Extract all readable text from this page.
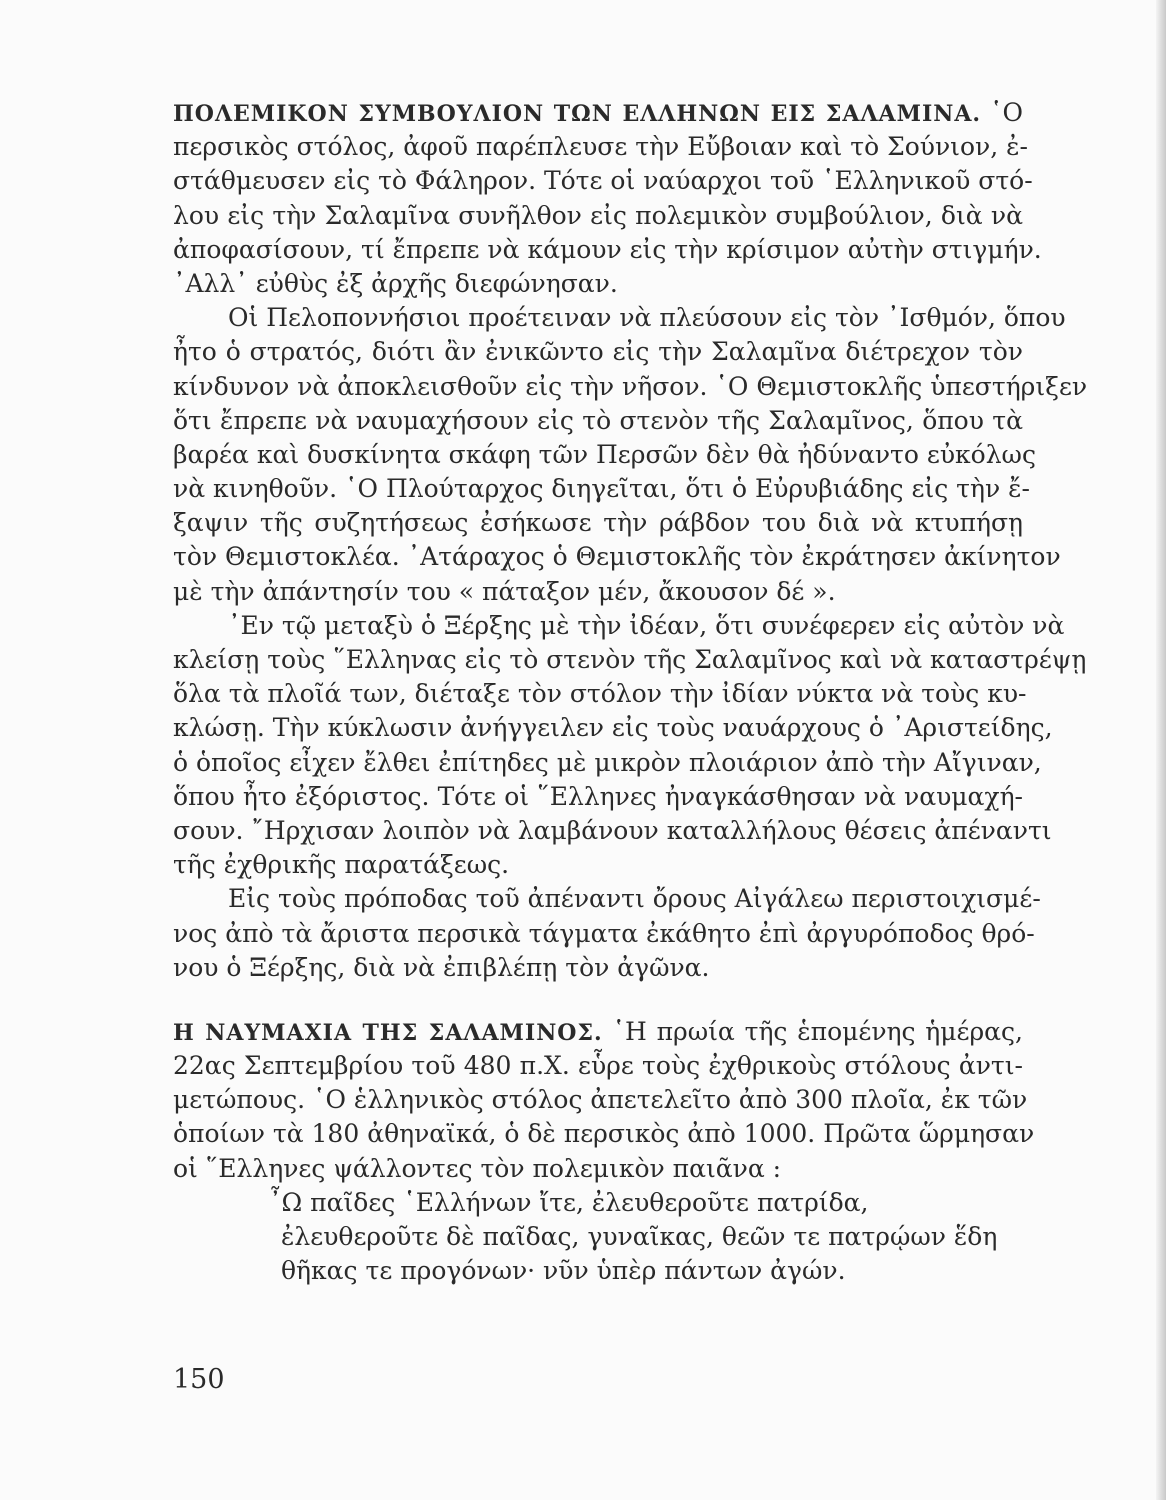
ΠΟΛΕΜΙΚΟΝ ΣΥΜΒΟΥΛΙΟΝ ΤΩΝ ΕΛΛΗΝΩΝ ΕΙΣ ΣΑΛΑΜΙΝΑ. ῾Ο
περσικὸς στόλος, ἀφοῦ παρέπλευσε τὴν Εὔβοιαν καὶ τὸ Σούνιον, ἐ-
στάθμευσεν εἰς τὸ Φάληρον. Τότε οἱ ναύαρχοι τοῦ ῾Ελληνικοῦ στό-
λου εἰς τὴν Σαλαμῖνα συνῆλθον εἰς πολεμικὸν συμβούλιον, διὰ νὰ
ἀποφασίσουν, τί ἔπρεπε νὰ κάμουν εἰς τὴν κρίσιμον αὐτὴν στιγμήν.
᾿Αλλ᾿ εὐθὺς ἐξ ἀρχῆς διεφώνησαν.
Οἱ Πελοποννήσιοι προέτειναν νὰ πλεύσουν εἰς τὸν ᾿Ισθμόν, ὅπου
ἦτο ὁ στρατός, διότι ἂν ἐνικῶντο εἰς τὴν Σαλαμῖνα διέτρεχον τὸν
κίνδυνον νὰ ἀποκλεισθοῦν εἰς τὴν νῆσον. ῾Ο Θεμιστοκλῆς ὑπεστήριξεν
ὅτι ἔπρεπε νὰ ναυμαχήσουν εἰς τὸ στενὸν τῆς Σαλαμῖνος, ὅπου τὰ
βαρέα καὶ δυσκίνητα σκάφη τῶν Περσῶν δὲν θὰ ἠδύναντο εὐκόλως
νὰ κινηθοῦν. ῾Ο Πλούταρχος διηγεῖται, ὅτι ὁ Εὐρυβιάδης εἰς τὴν ἔ-
ξαψιν τῆς συζητήσεως ἐσήκωσε τὴν ράβδον του διὰ νὰ κτυπήσῃ
τὸν Θεμιστοκλέα. ᾿Ατάραχος ὁ Θεμιστοκλῆς τὸν ἐκράτησεν ἀκίνητον
μὲ τὴν ἀπάντησίν του « πάταξον μέν, ἄκουσον δέ ».
᾿Εν τῷ μεταξὺ ὁ Ξέρξης μὲ τὴν ἰδέαν, ὅτι συνέφερεν εἰς αὐτὸν νὰ
κλείσῃ τοὺς ῞Ελληνας εἰς τὸ στενὸν τῆς Σαλαμῖνος καὶ νὰ καταστρέψῃ
ὅλα τὰ πλοῖά των, διέταξε τὸν στόλον τὴν ἰδίαν νύκτα νὰ τοὺς κυ-
κλώσῃ. Τὴν κύκλωσιν ἀνήγγειλεν εἰς τοὺς ναυάρχους ὁ ᾿Αριστείδης,
ὁ ὁποῖος εἶχεν ἔλθει ἐπίτηδες μὲ μικρὸν πλοιάριον ἀπὸ τὴν Αἴγιναν,
ὅπου ἦτο ἐξόριστος. Τότε οἱ ῞Ελληνες ἠναγκάσθησαν νὰ ναυμαχή-
σουν. ῎Ηρχισαν λοιπὸν νὰ λαμβάνουν καταλλήλους θέσεις ἀπέναντι
τῆς ἐχθρικῆς παρατάξεως.
Εἰς τοὺς πρόποδας τοῦ ἀπέναντι ὄρους Αἰγάλεω περιστοιχισμέ-
νος ἀπὸ τὰ ἄριστα περσικὰ τάγματα ἐκάθητο ἐπὶ ἀργυρόποδος θρό-
νου ὁ Ξέρξης, διὰ νὰ ἐπιβλέπῃ τὸν ἀγῶνα.
Η ΝΑΥΜΑΧΙΑ ΤΗΣ ΣΑΛΑΜΙΝΟΣ. ῾Η πρωία τῆς ἑπομένης ἡμέρας,
22ας Σεπτεμβρίου τοῦ 480 π.Χ. εὗρε τοὺς ἐχθρικοὺς στόλους ἀντι-
μετώπους. ῾Ο ἑλληνικὸς στόλος ἀπετελεῖτο ἀπὸ 300 πλοῖα, ἐκ τῶν
ὁποίων τὰ 180 ἀθηναϊκά, ὁ δὲ περσικὸς ἀπὸ 1000. Πρῶτα ὥρμησαν
οἱ ῞Ελληνες ψάλλοντες τὸν πολεμικὸν παιᾶνα :
῏Ω παῖδες ῾Ελλήνων ἴτε, ἐλευθεροῦτε πατρίδα,
ἐλευθεροῦτε δὲ παῖδας, γυναῖκας, θεῶν τε πατρῴων ἕδη
θῆκας τε προγόνων· νῦν ὑπὲρ πάντων ἀγών.
150
